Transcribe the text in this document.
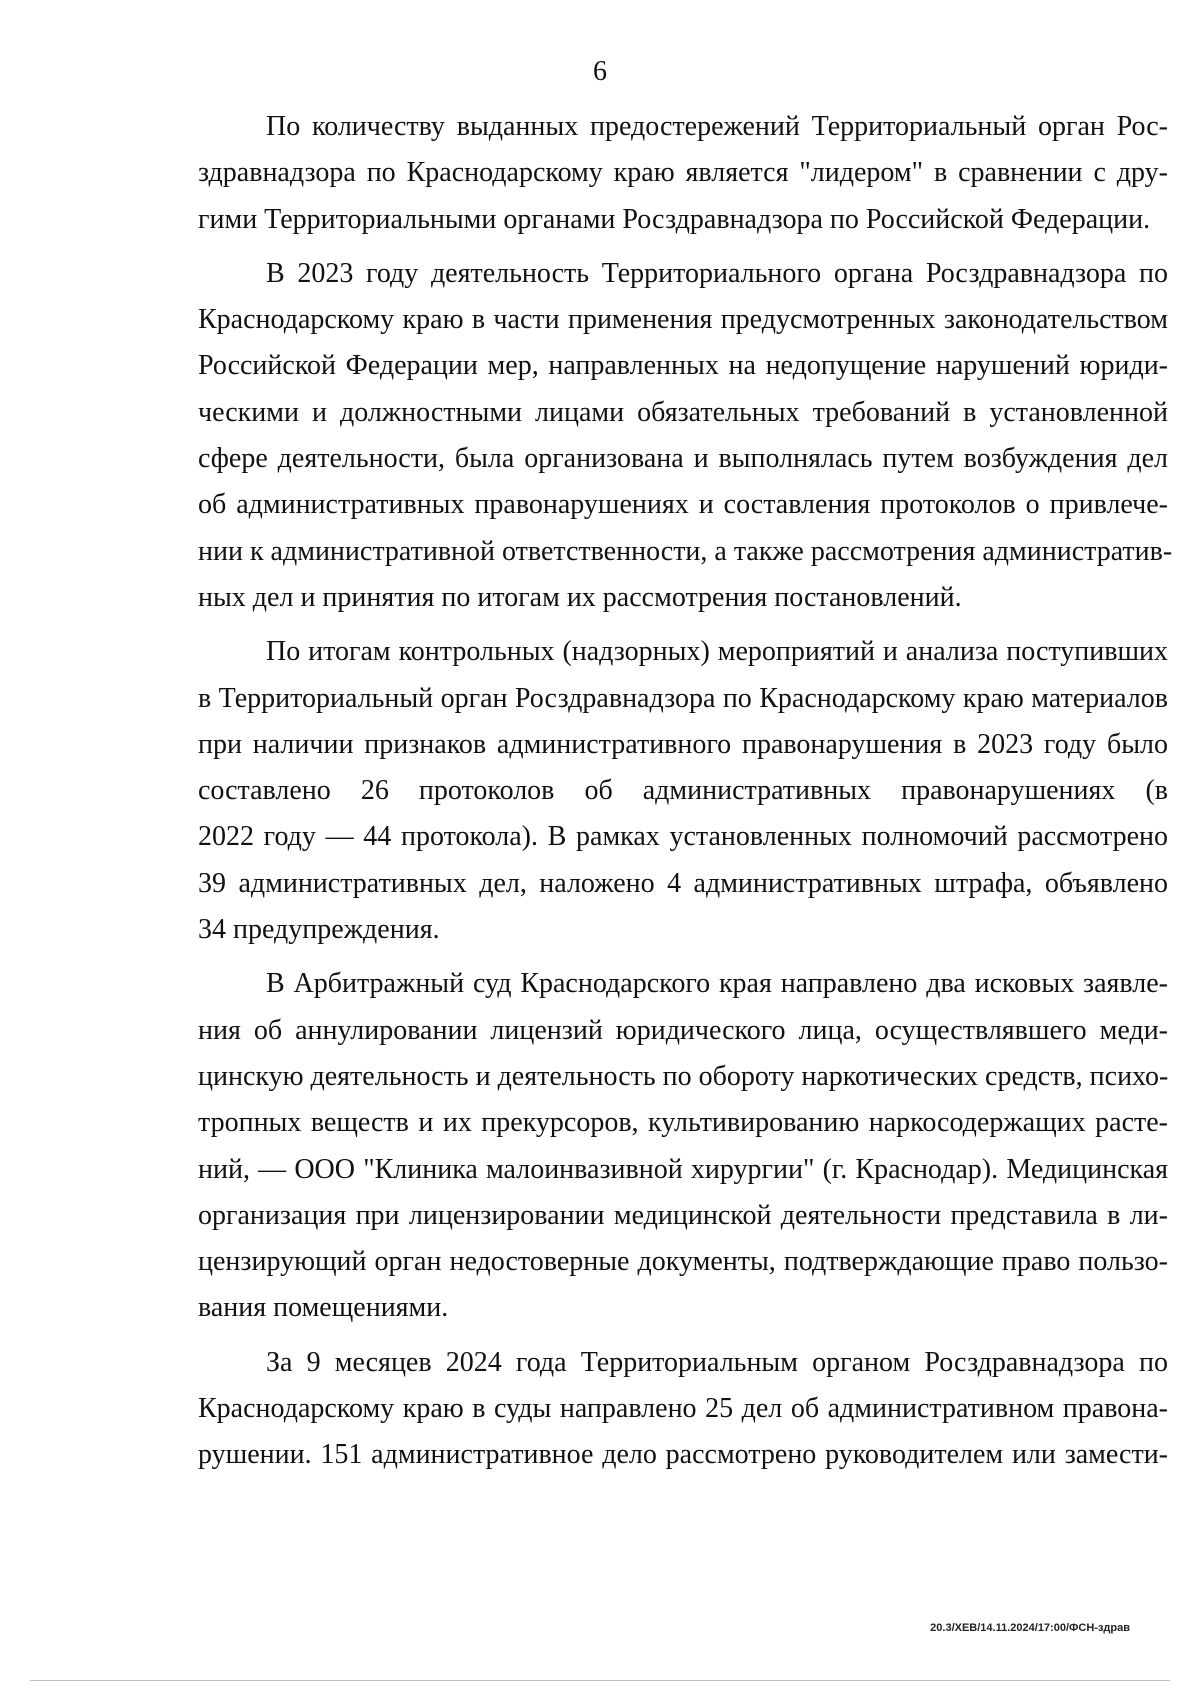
6

По количеству выданных предостережений Территориальный орган Рос-
здравнадзора по Краснодарскому краю является "лидером" в сравнении с дру-
гими Территориальными органами Росздравнадзора по Российской Федерации.

В 2023 году деятельность Территориального органа Росздравнадзора по
Краснодарскому краю в части применения предусмотренных законодательством
Российской Федерации мер, направленных на недопущение нарушений юриди-
ческими и должностными лицами обязательных требований в установленной
сфере деятельности, была организована и выполнялась путем возбуждения дел
об административных правонарушениях и составления протоколов о привлече-
нии к административной ответственности, а также рассмотрения административ-
ных дел и принятия по итогам их рассмотрения постановлений.

По итогам контрольных (надзорных) мероприятий и анализа поступивших
в Территориальный орган Росздравнадзора по Краснодарскому краю материалов
при наличии признаков административного правонарушения в 2023 году было
составлено 26 протоколов об административных правонарушениях (в
2022 году — 44 протокола). В рамках установленных полномочий рассмотрено
39 административных дел, наложено 4 административных штрафа, объявлено
34 предупреждения.

В Арбитражный суд Краснодарского края направлено два исковых заявле-
ния об аннулировании лицензий юридического лица, осуществлявшего меди-
цинскую деятельность и деятельность по обороту наркотических средств, психо-
тропных веществ и их прекурсоров, культивированию наркосодержащих расте-
ний, — ООО "Клиника малоинвазивной хирургии" (г. Краснодар). Медицинская
организация при лицензировании медицинской деятельности представила в ли-
цензирующий орган недостоверные документы, подтверждающие право пользо-
вания помещениями.

За 9 месяцев 2024 года Территориальным органом Росздравнадзора по
Краснодарскому краю в суды направлено 25 дел об административном правона-
рушении. 151 административное дело рассмотрено руководителем или замести-

20.3/ХЕВ/14.11.2024/17:00/ФСН-здрав
